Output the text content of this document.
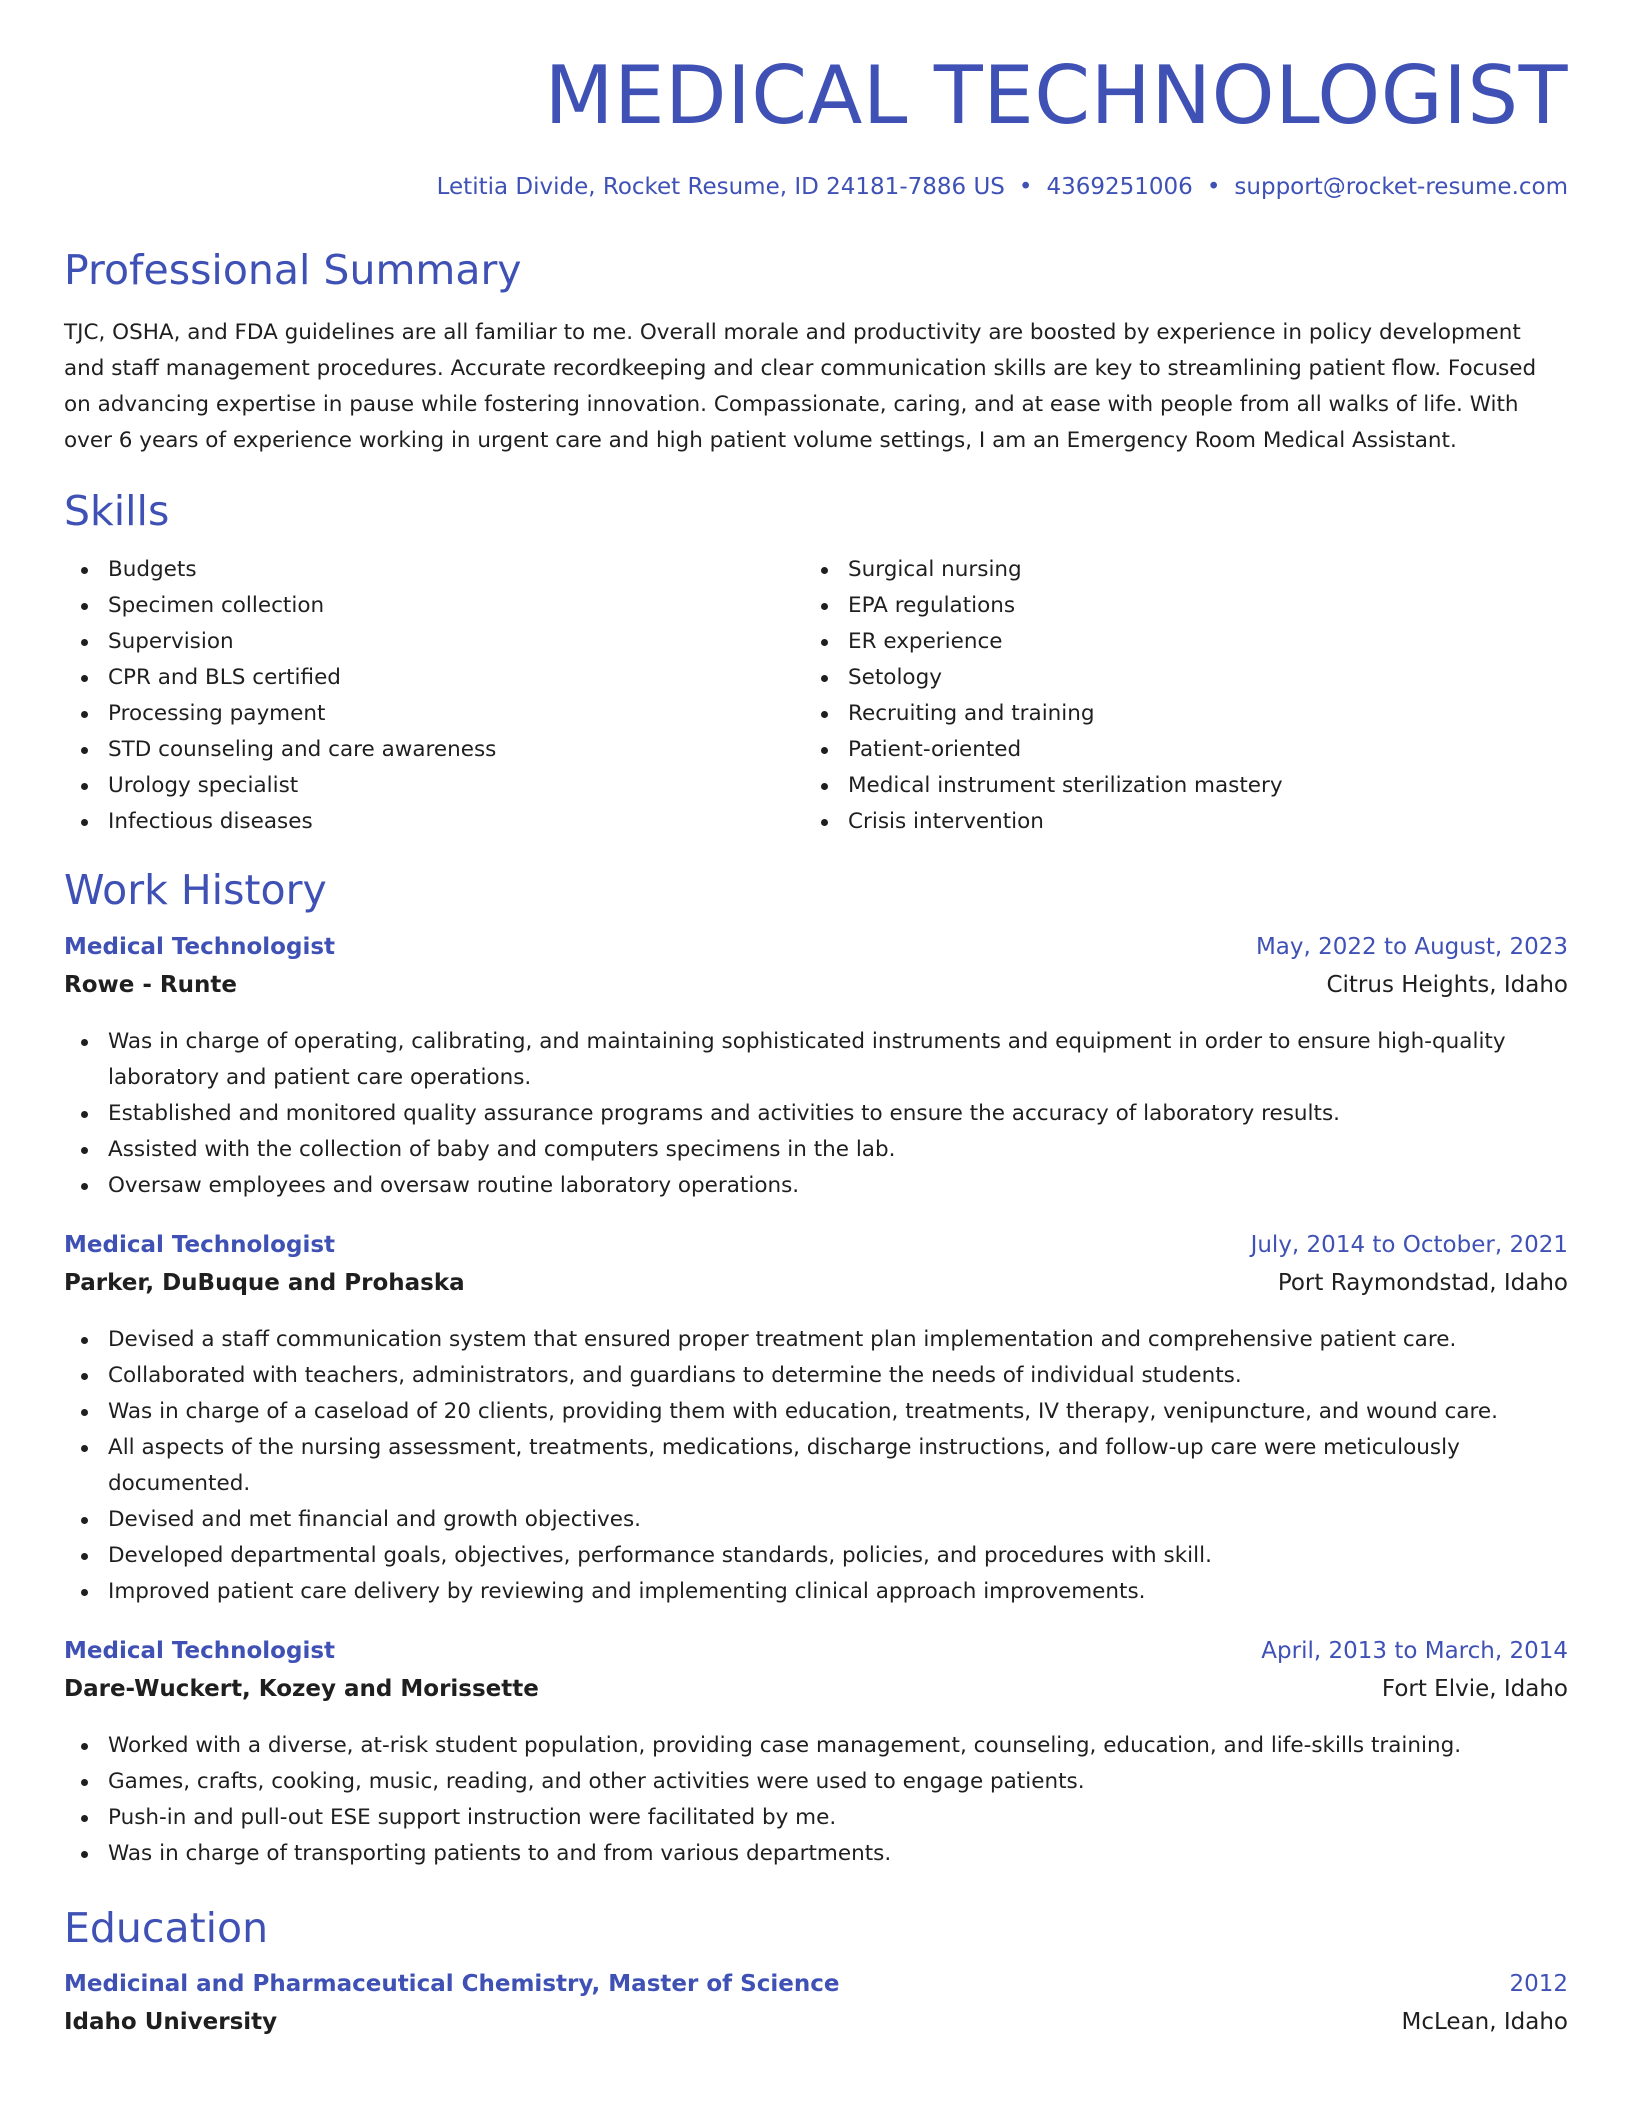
MEDICAL TECHNOLOGIST
Letitia Divide, Rocket Resume, ID 24181-7886 US • 4369251006 • support@rocket-resume.com
Professional Summary

TJC, OSHA, and FDA guidelines are all familiar to me. Overall morale and productivity are boosted by experience in policy development and staff management procedures. Accurate recordkeeping and clear communication skills are key to streamlining patient flow. Focused on advancing expertise in pause while fostering innovation. Compassionate, caring, and at ease with people from all walks of life. With over 6 years of experience working in urgent care and high patient volume settings, I am an Emergency Room Medical Assistant.

Skills
Budgets
Specimen collection
Supervision
CPR and BLS certified
Processing payment
STD counseling and care awareness
Urology specialist
Infectious diseases
Surgical nursing
EPA regulations
ER experience
Setology
Recruiting and training
Patient-oriented
Medical instrument sterilization mastery
Crisis intervention
Work History
Medical Technologist	May, 2022 to August, 2023
Rowe - Runte	Citrus Heights, Idaho
Was in charge of operating, calibrating, and maintaining sophisticated instruments and equipment in order to ensure high-quality laboratory and patient care operations.
Established and monitored quality assurance programs and activities to ensure the accuracy of laboratory results.
Assisted with the collection of baby and computers specimens in the lab.
Oversaw employees and oversaw routine laboratory operations.
Medical Technologist	July, 2014 to October, 2021
Parker, DuBuque and Prohaska	Port Raymondstad, Idaho
Devised a staff communication system that ensured proper treatment plan implementation and comprehensive patient care.
Collaborated with teachers, administrators, and guardians to determine the needs of individual students.
Was in charge of a caseload of 20 clients, providing them with education, treatments, IV therapy, venipuncture, and wound care.
All aspects of the nursing assessment, treatments, medications, discharge instructions, and follow-up care were meticulously documented.
Devised and met financial and growth objectives.
Developed departmental goals, objectives, performance standards, policies, and procedures with skill.
Improved patient care delivery by reviewing and implementing clinical approach improvements.
Medical Technologist	April, 2013 to March, 2014
Dare-Wuckert, Kozey and Morissette	Fort Elvie, Idaho
Worked with a diverse, at-risk student population, providing case management, counseling, education, and life-skills training.
Games, crafts, cooking, music, reading, and other activities were used to engage patients.
Push-in and pull-out ESE support instruction were facilitated by me.
Was in charge of transporting patients to and from various departments.
Education
Medicinal and Pharmaceutical Chemistry, Master of Science	2012
Idaho University	McLean, Idaho
